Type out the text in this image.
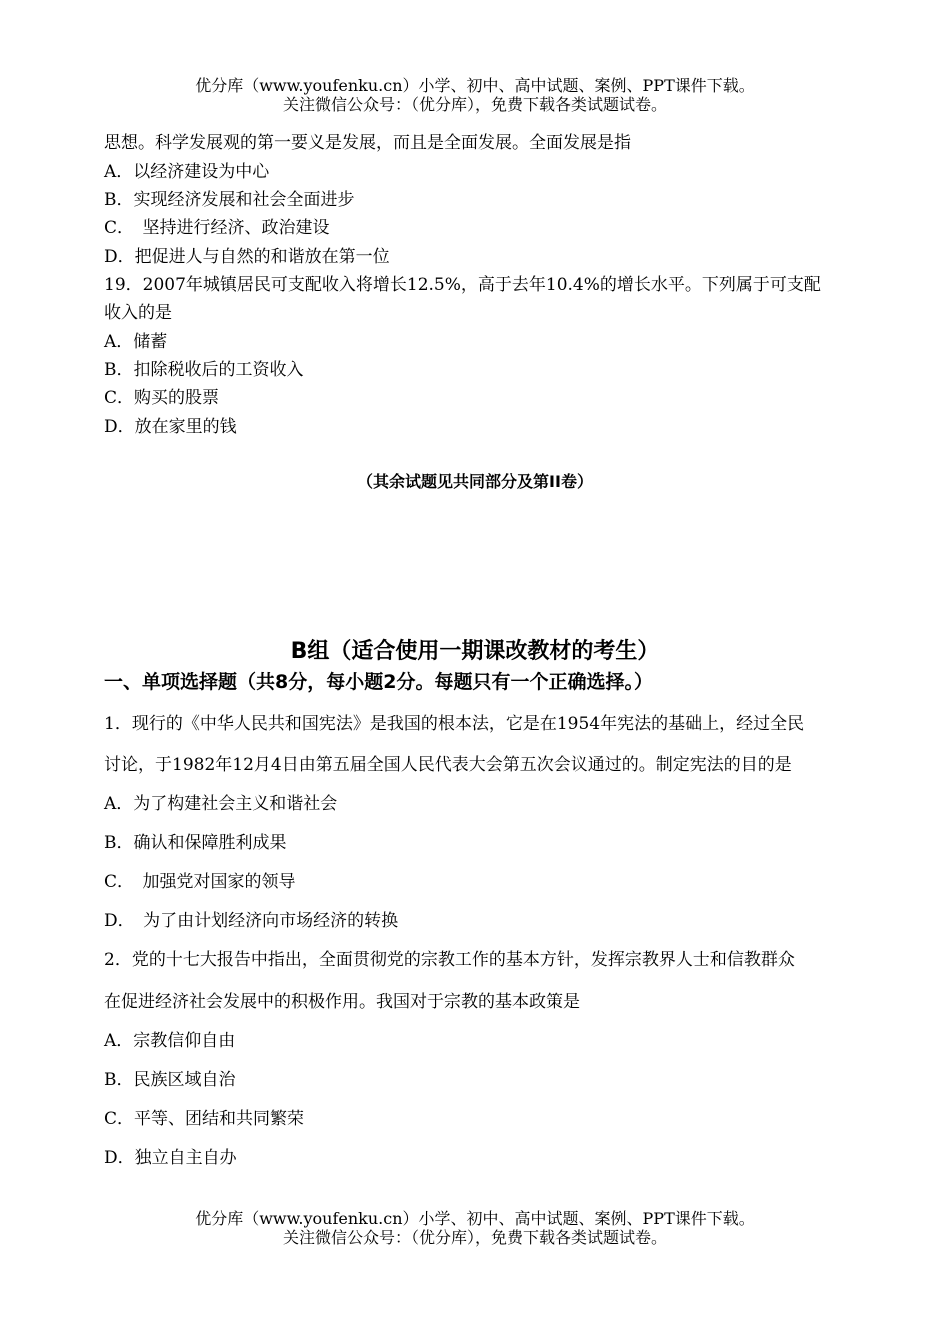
优分库（www.youfenku.cn）小学、初中、高中试题、案例、PPT课件下载。
关注微信公众号：（优分库），免费下载各类试题试卷。
思想。科学发展观的第一要义是发展，而且是全面发展。全面发展是指
A．以经济建设为中心
B．实现经济发展和社会全面进步
C．　坚持进行经济、政治建设
D．把促进人与自然的和谐放在第一位
19．2007年城镇居民可支配收入将增长12.5%，高于去年10.4%的增长水平。下列属于可支配
收入的是
A．储蓄
B．扣除税收后的工资收入
C．购买的股票
D．放在家里的钱
（其余试题见共同部分及第II卷）
B组（适合使用一期课改教材的考生）
一、单项选择题（共8分，每小题2分。每题只有一个正确选择。）
1．现行的《中华人民共和国宪法》是我国的根本法，它是在1954年宪法的基础上，经过全民
讨论，于1982年12月4日由第五届全国人民代表大会第五次会议通过的。制定宪法的目的是
A．为了构建社会主义和谐社会
B．确认和保障胜利成果
C．　加强党对国家的领导
D．　为了由计划经济向市场经济的转换
2．党的十七大报告中指出，全面贯彻党的宗教工作的基本方针，发挥宗教界人士和信教群众
在促进经济社会发展中的积极作用。我国对于宗教的基本政策是
A．宗教信仰自由
B．民族区域自治
C．平等、团结和共同繁荣
D．独立自主自办
优分库（www.youfenku.cn）小学、初中、高中试题、案例、PPT课件下载。
关注微信公众号：（优分库），免费下载各类试题试卷。
